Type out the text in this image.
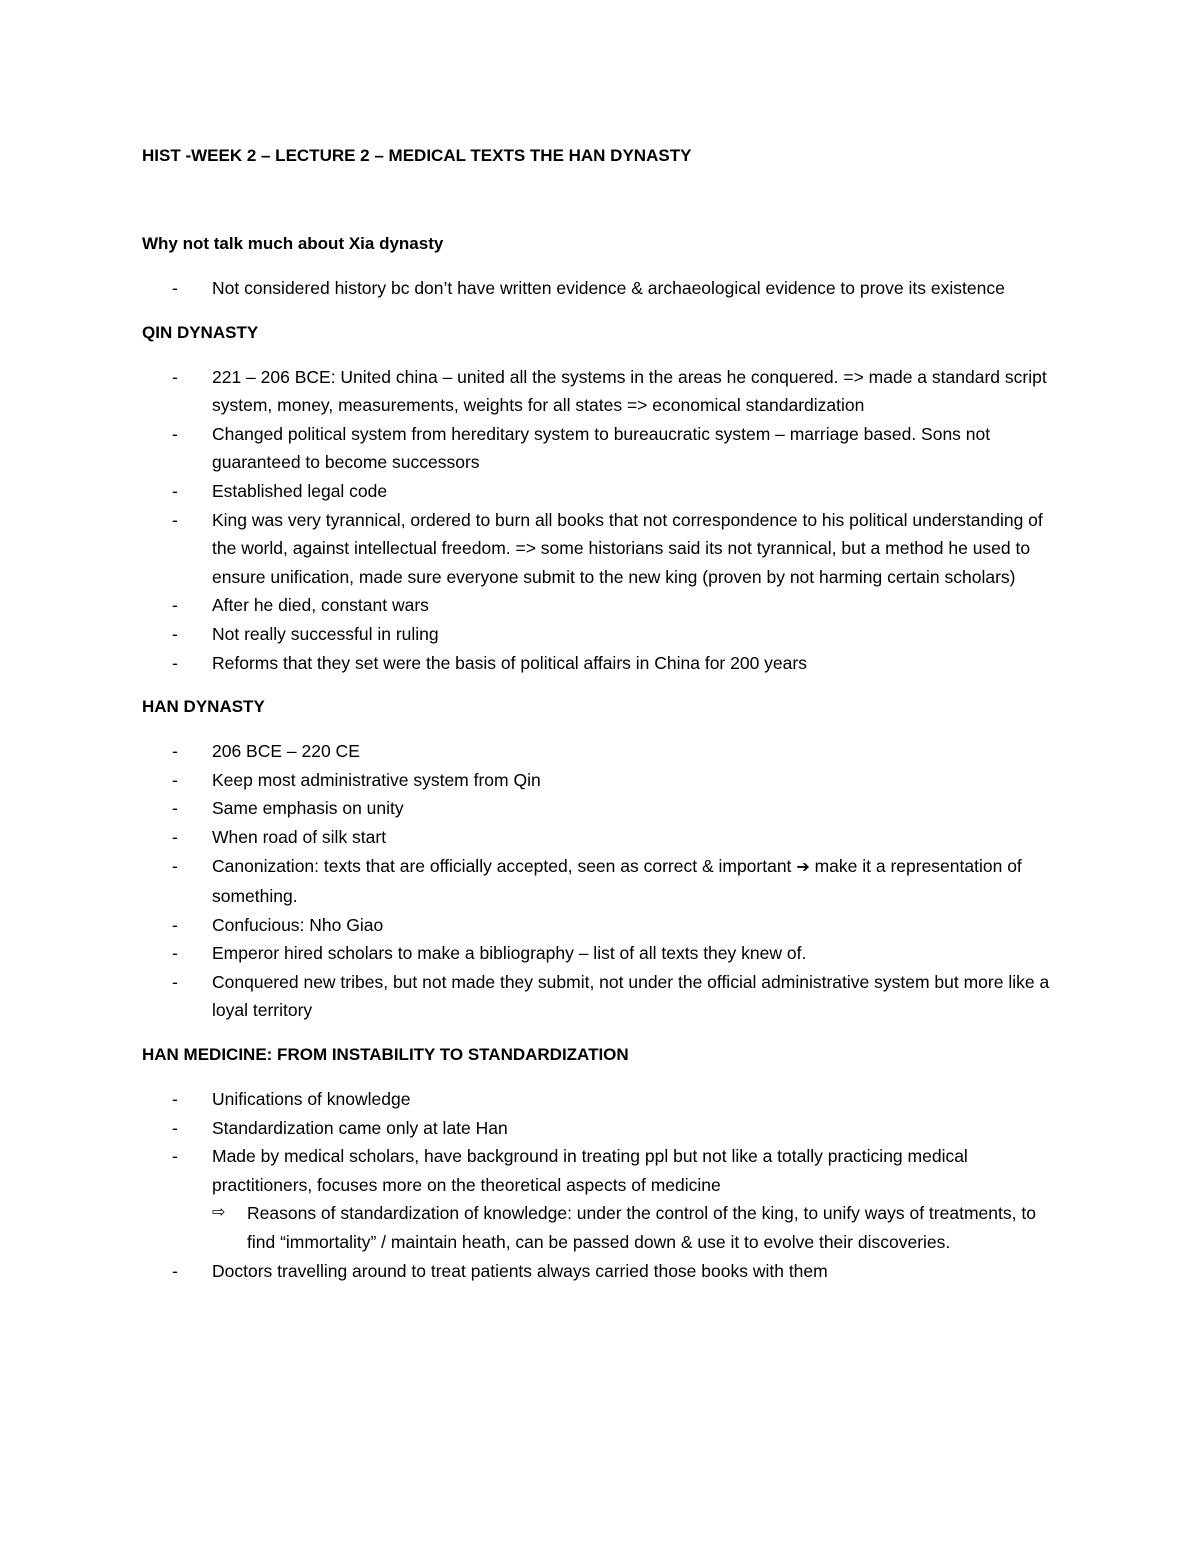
HIST -WEEK 2 – LECTURE 2 – MEDICAL TEXTS THE HAN DYNASTY
Why not talk much about Xia dynasty
- Not considered history bc don’t have written evidence & archaeological evidence to prove its existence
QIN DYNASTY
- 221 – 206 BCE: United china – united all the systems in the areas he conquered. => made a standard script system, money, measurements, weights for all states => economical standardization
- Changed political system from hereditary system to bureaucratic system – marriage based. Sons not guaranteed to become successors
- Established legal code
- King was very tyrannical, ordered to burn all books that not correspondence to his political understanding of the world, against intellectual freedom. => some historians said its not tyrannical, but a method he used to ensure unification, made sure everyone submit to the new king (proven by not harming certain scholars)
- After he died, constant wars
- Not really successful in ruling
- Reforms that they set were the basis of political affairs in China for 200 years
HAN DYNASTY
- 206 BCE – 220 CE
- Keep most administrative system from Qin
- Same emphasis on unity
- When road of silk start
- Canonization: texts that are officially accepted, seen as correct & important ➔ make it a representation of something.
- Confucious: Nho Giao
- Emperor hired scholars to make a bibliography – list of all texts they knew of.
- Conquered new tribes, but not made they submit, not under the official administrative system but more like a loyal territory
HAN MEDICINE: FROM INSTABILITY TO STANDARDIZATION
- Unifications of knowledge
- Standardization came only at late Han
- Made by medical scholars, have background in treating ppl but not like a totally practicing medical practitioners, focuses more on the theoretical aspects of medicine
⇨ Reasons of standardization of knowledge: under the control of the king, to unify ways of treatments, to find “immortality” / maintain heath, can be passed down & use it to evolve their discoveries.
- Doctors travelling around to treat patients always carried those books with them
